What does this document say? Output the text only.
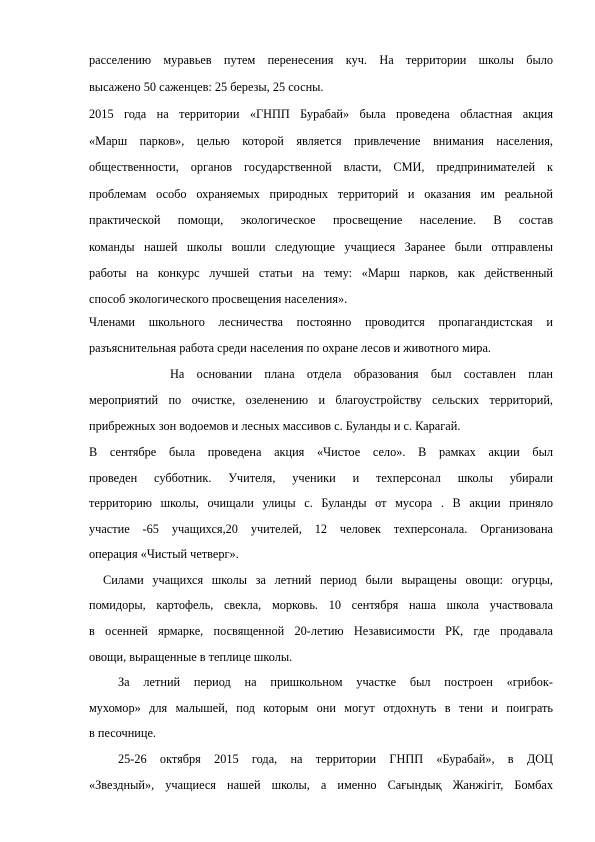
расселению муравьев путем перенесения куч. На территории школы было
высажено 50 саженцев: 25 березы, 25 сосны.
2015 года на территории «ГНПП Бурабай» была проведена областная акция
«Марш парков», целью которой является привлечение внимания населения,
общественности, органов государственной власти, СМИ, предпринимателей к
проблемам особо охраняемых природных территорий и оказания им реальной
практической помощи, экологическое просвещение население. В состав
команды нашей школы вошли следующие учащиеся Заранее были отправлены
работы на конкурс лучшей статьи на тему: «Марш парков, как действенный
способ экологического просвещения населения».
Членами школьного лесничества постоянно проводится пропагандистская и
разъяснительная работа среди населения по охране лесов и животного мира.
На основании плана отдела образования был составлен план
мероприятий по очистке, озеленению и благоустройству сельских территорий,
прибрежных зон водоемов и лесных массивов с. Буланды и с. Карагай.
В сентябре была проведена акция «Чистое село». В рамках акции был
проведен субботник. Учителя, ученики и техперсонал школы убирали
территорию школы, очищали улицы с. Буланды от мусора . В акции приняло
участие -65 учащихся,20 учителей, 12 человек техперсонала. Организована
операция «Чистый четверг».
Силами учащихся школы за летний период были выращены овощи: огурцы,
помидоры, картофель, свекла, морковь. 10 сентября наша школа участвовала
в осенней ярмарке, посвященной 20-летию Независимости РК, где продавала
овощи, выращенные в теплице школы.
За летний период на пришкольном участке был построен «грибок-
мухомор» для малышей, под которым они могут отдохнуть в тени и поиграть
в песочнице.
25-26 октября 2015 года, на территории ГНПП «Бурабай», в ДОЦ
«Звездный», учащиеся нашей школы, а именно Сағындық Жанжігіт, Бомбах
